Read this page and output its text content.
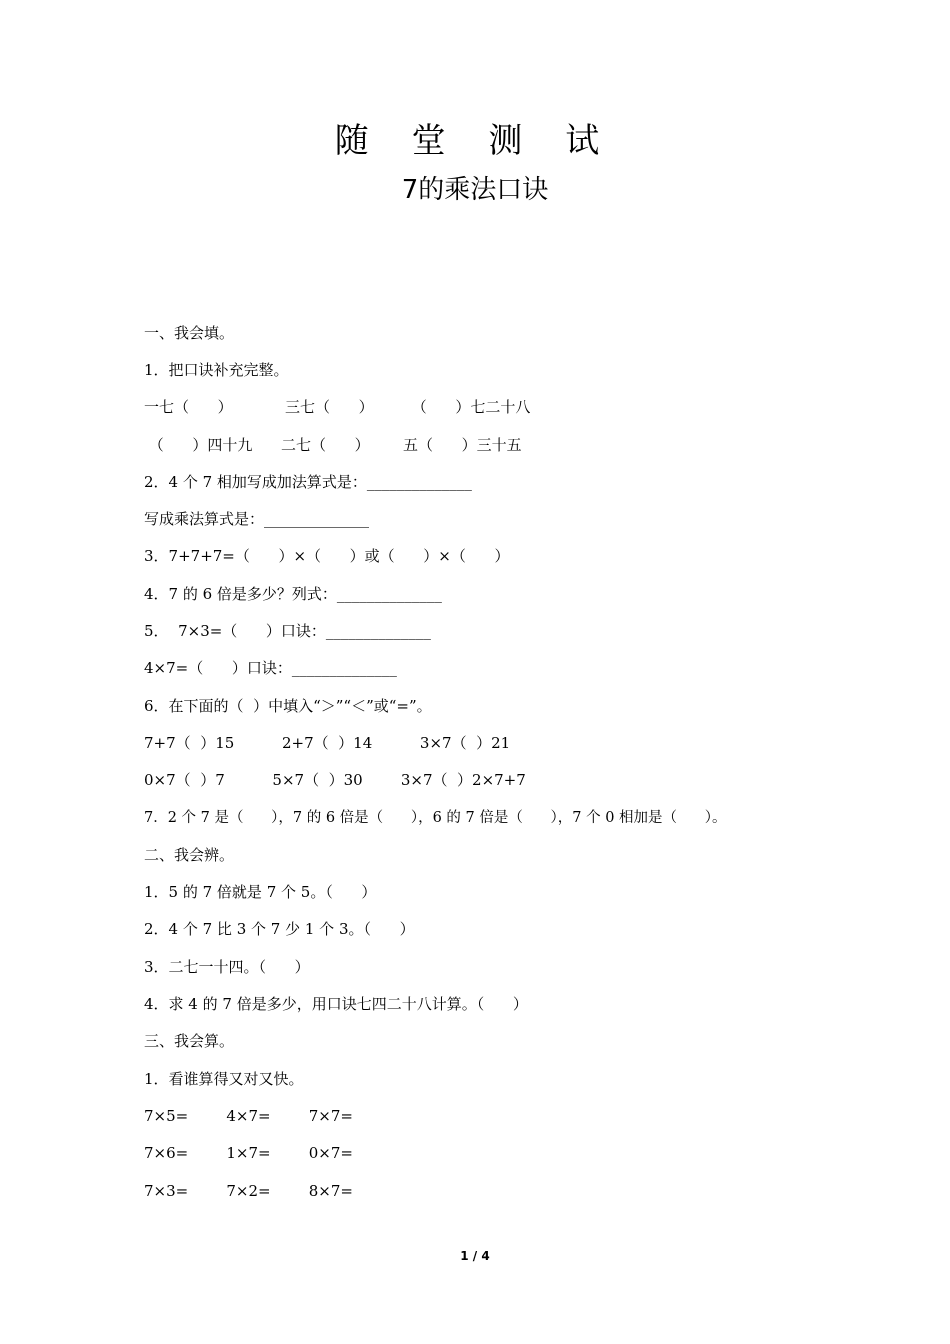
随 堂 测 试
7的乘法口诀
一、我会填。
1．把口诀补充完整。
一七（      ）           三七（      ）        （      ）七二十八
（      ）四十九      二七（      ）       五（      ）三十五
2．4 个 7 相加写成加法算式是：______________
写成乘法算式是：______________
3．7+7+7=（      ）×（      ）或（      ）×（      ）
4．7 的 6 倍是多少？列式：______________
5．  7×3=（      ）口诀：______________
4×7=（      ）口诀：______________
6．在下面的（  ）中填入“＞”“＜”或“=”。
7+7（  ）15          2+7（  ）14          3×7（  ）21
0×7（  ）7          5×7（  ）30        3×7（  ）2×7+7
7．2 个 7 是（      ），7 的 6 倍是（      ），6 的 7 倍是（      ），7 个 0 相加是（      ）。
二、我会辨。
1．5 的 7 倍就是 7 个 5。（      ）
2．4 个 7 比 3 个 7 少 1 个 3。（      ）
3．二七一十四。（      ）
4．求 4 的 7 倍是多少，用口诀七四二十八计算。（      ）
三、我会算。
1．看谁算得又对又快。
7×5=        4×7=        7×7=
7×6=        1×7=        0×7=
7×3=        7×2=        8×7=
1 / 4
